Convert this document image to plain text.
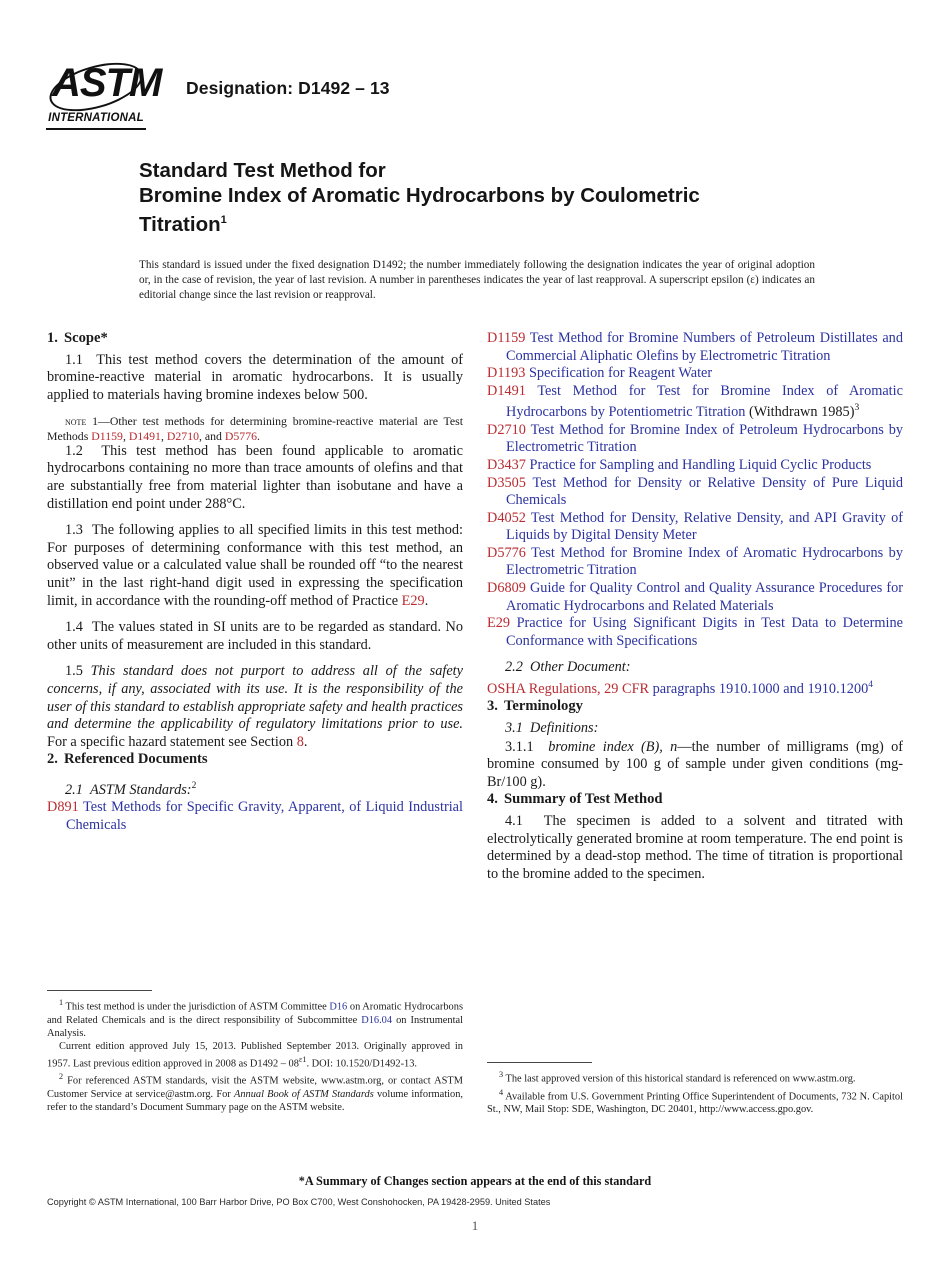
ASTM
INTERNATIONAL
Designation: D1492 – 13
Standard Test Method for
Bromine Index of Aromatic Hydrocarbons by Coulometric
Titration$^1$
This standard is issued under the fixed designation D1492; the number immediately following the designation indicates the year of original adoption or, in the case of revision, the year of last revision. A number in parentheses indicates the year of last reapproval. A superscript epsilon (ε) indicates an editorial change since the last revision or reapproval.
1. Scope*

1.1 This test method covers the determination of the amount of bromine-reactive material in aromatic hydrocarbons. It is usually applied to materials having bromine indexes below 500.

note 1—Other test methods for determining bromine-reactive material are Test Methods D1159, D1491, D2710, and D5776.

1.2 This test method has been found applicable to aromatic hydrocarbons containing no more than trace amounts of olefins and that are substantially free from material lighter than isobutane and have a distillation end point under 288°C.

1.3 The following applies to all specified limits in this test method: For purposes of determining conformance with this test method, an observed value or a calculated value shall be rounded off “to the nearest unit” in the last right-hand digit used in expressing the specification limit, in accordance with the rounding-off method of Practice E29.

1.4 The values stated in SI units are to be regarded as standard. No other units of measurement are included in this standard.

1.5 This standard does not purport to address all of the safety concerns, if any, associated with its use. It is the responsibility of the user of this standard to establish appropriate safety and health practices and determine the applicability of regulatory limitations prior to use. For a specific hazard statement see Section 8.

2. Referenced Documents

2.1 ASTM Standards:$^2$

D891 Test Methods for Specific Gravity, Apparent, of Liquid Industrial Chemicals

D1159 Test Method for Bromine Numbers of Petroleum Distillates and Commercial Aliphatic Olefins by Electrometric Titration

D1193 Specification for Reagent Water

D1491 Test Method for Test for Bromine Index of Aromatic Hydrocarbons by Potentiometric Titration (Withdrawn 1985)$^3$

D2710 Test Method for Bromine Index of Petroleum Hydrocarbons by Electrometric Titration

D3437 Practice for Sampling and Handling Liquid Cyclic Products

D3505 Test Method for Density or Relative Density of Pure Liquid Chemicals

D4052 Test Method for Density, Relative Density, and API Gravity of Liquids by Digital Density Meter

D5776 Test Method for Bromine Index of Aromatic Hydrocarbons by Electrometric Titration

D6809 Guide for Quality Control and Quality Assurance Procedures for Aromatic Hydrocarbons and Related Materials

E29 Practice for Using Significant Digits in Test Data to Determine Conformance with Specifications

2.2 Other Document:

OSHA Regulations, 29 CFR paragraphs 1910.1000 and 1910.1200$^4$

3. Terminology

3.1 Definitions:

3.1.1 bromine index (B), n—the number of milligrams (mg) of bromine consumed by 100 g of sample under given conditions (mg-Br/100 g).

4. Summary of Test Method

4.1 The specimen is added to a solvent and titrated with electrolytically generated bromine at room temperature. The end point is determined by a dead-stop method. The time of titration is proportional to the bromine added to the specimen.

$^1$ This test method is under the jurisdiction of ASTM Committee D16 on Aromatic Hydrocarbons and Related Chemicals and is the direct responsibility of Subcommittee D16.04 on Instrumental Analysis.

Current edition approved July 15, 2013. Published September 2013. Originally approved in 1957. Last previous edition approved in 2008 as $D1492 - 08^{\varepsilon 1}$. DOI: 10.1520/D1492-13.

$^2$ For referenced ASTM standards, visit the ASTM website, www.astm.org, or contact ASTM Customer Service at service@astm.org. For Annual Book of ASTM Standards volume information, refer to the standard’s Document Summary page on the ASTM website.

$^3$ The last approved version of this historical standard is referenced on www.astm.org.

$^4$ Available from U.S. Government Printing Office Superintendent of Documents, 732 N. Capitol St., NW, Mail Stop: SDE, Washington, DC 20401, http://www.access.gpo.gov.

*A Summary of Changes section appears at the end of this standard
Copyright © ASTM International, 100 Barr Harbor Drive, PO Box C700, West Conshohocken, PA 19428-2959. United States
1
